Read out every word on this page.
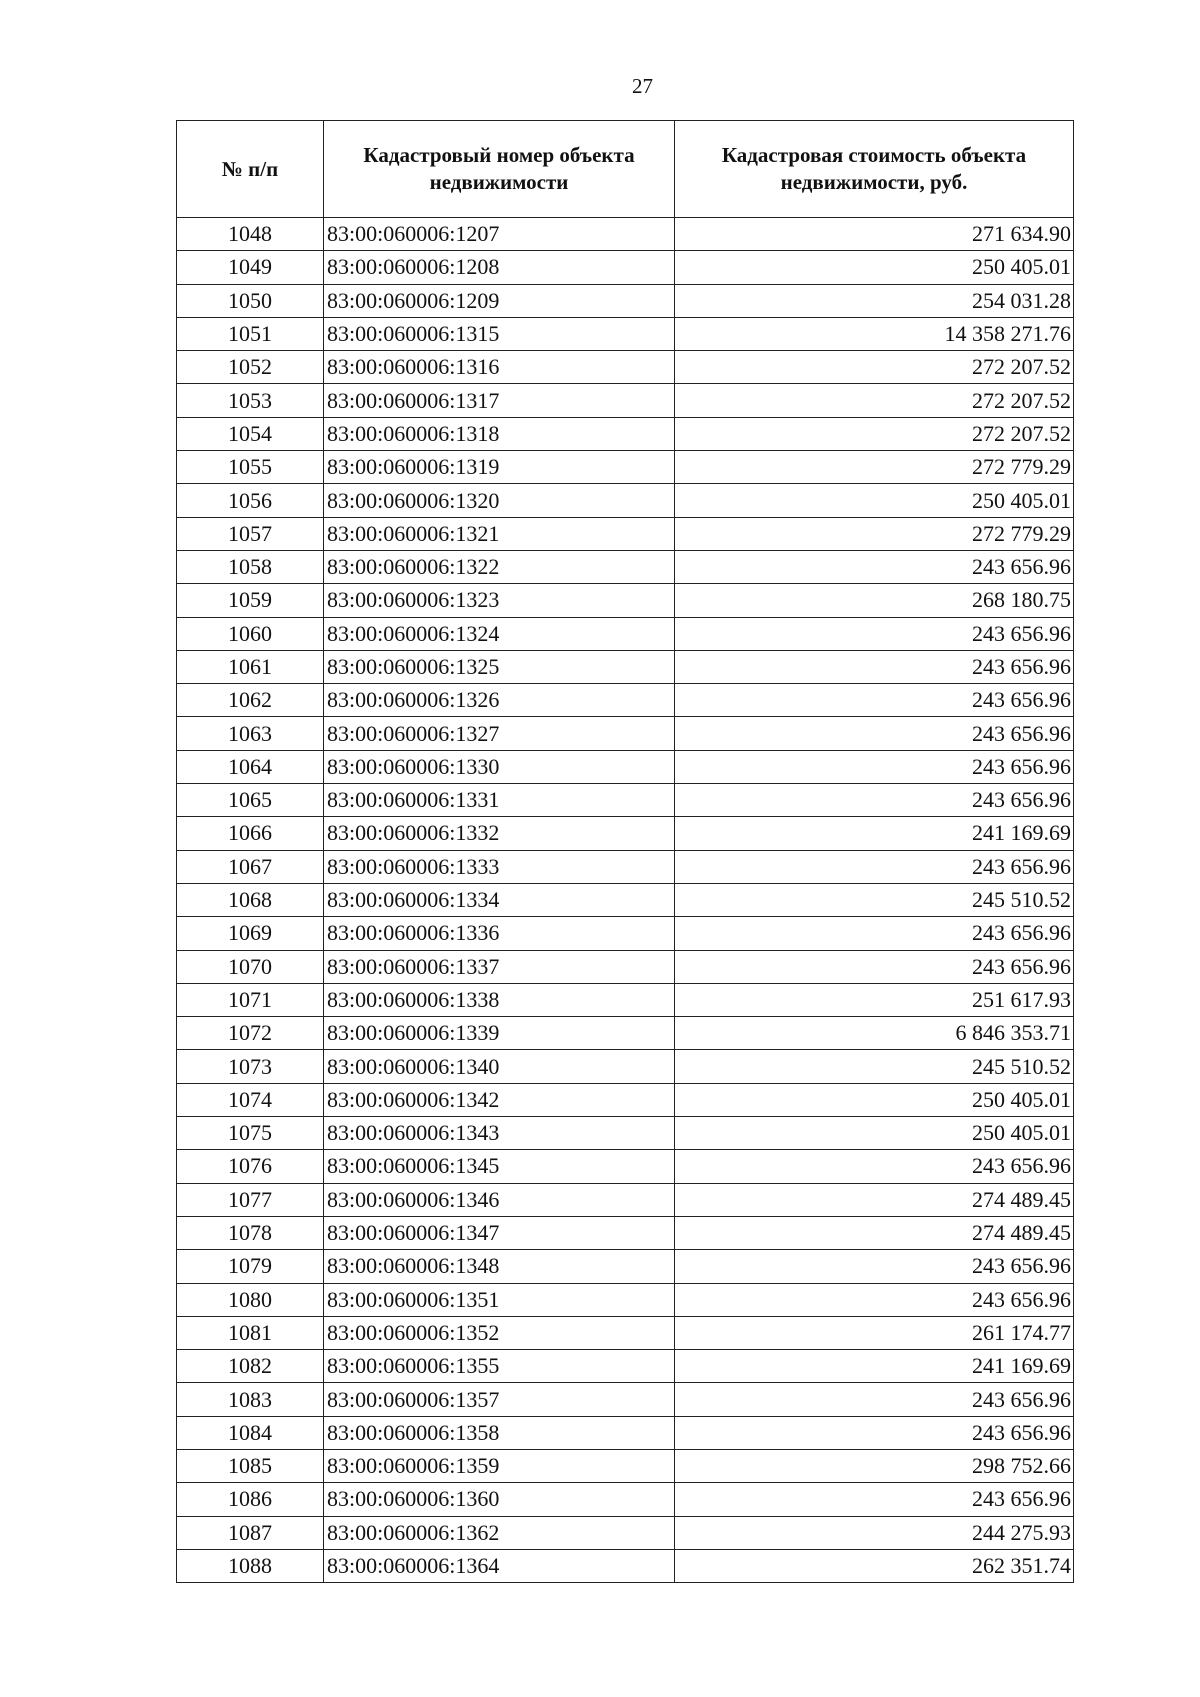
27
№ п/п	Кадастровый номер объекта недвижимости	Кадастровая стоимость объекта недвижимости, руб.
1048	83:00:060006:1207	271 634.90
1049	83:00:060006:1208	250 405.01
1050	83:00:060006:1209	254 031.28
1051	83:00:060006:1315	14 358 271.76
1052	83:00:060006:1316	272 207.52
1053	83:00:060006:1317	272 207.52
1054	83:00:060006:1318	272 207.52
1055	83:00:060006:1319	272 779.29
1056	83:00:060006:1320	250 405.01
1057	83:00:060006:1321	272 779.29
1058	83:00:060006:1322	243 656.96
1059	83:00:060006:1323	268 180.75
1060	83:00:060006:1324	243 656.96
1061	83:00:060006:1325	243 656.96
1062	83:00:060006:1326	243 656.96
1063	83:00:060006:1327	243 656.96
1064	83:00:060006:1330	243 656.96
1065	83:00:060006:1331	243 656.96
1066	83:00:060006:1332	241 169.69
1067	83:00:060006:1333	243 656.96
1068	83:00:060006:1334	245 510.52
1069	83:00:060006:1336	243 656.96
1070	83:00:060006:1337	243 656.96
1071	83:00:060006:1338	251 617.93
1072	83:00:060006:1339	6 846 353.71
1073	83:00:060006:1340	245 510.52
1074	83:00:060006:1342	250 405.01
1075	83:00:060006:1343	250 405.01
1076	83:00:060006:1345	243 656.96
1077	83:00:060006:1346	274 489.45
1078	83:00:060006:1347	274 489.45
1079	83:00:060006:1348	243 656.96
1080	83:00:060006:1351	243 656.96
1081	83:00:060006:1352	261 174.77
1082	83:00:060006:1355	241 169.69
1083	83:00:060006:1357	243 656.96
1084	83:00:060006:1358	243 656.96
1085	83:00:060006:1359	298 752.66
1086	83:00:060006:1360	243 656.96
1087	83:00:060006:1362	244 275.93
1088	83:00:060006:1364	262 351.74
